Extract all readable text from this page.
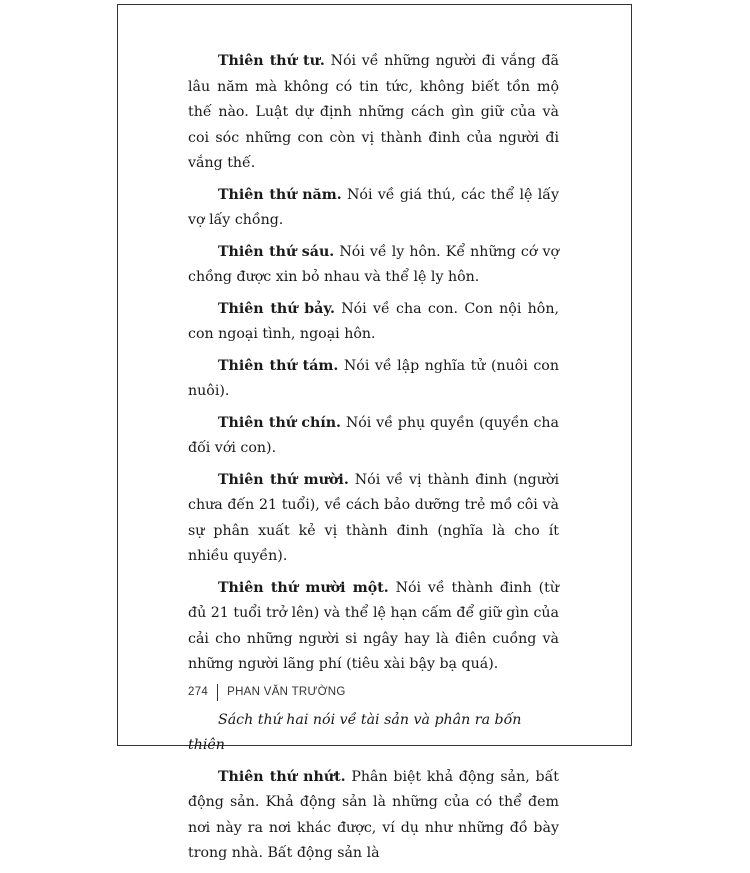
Thiên thứ tư. Nói về những người đi vắng đã lâu năm mà không có tin tức, không biết tồn mộ thế nào. Luật dự định những cách gìn giữ của và coi sóc những con còn vị thành đinh của người đi vắng thế.

Thiên thứ năm. Nói về giá thú, các thể lệ lấy vợ lấy chồng.

Thiên thứ sáu. Nói về ly hôn. Kể những cớ vợ chồng được xin bỏ nhau và thể lệ ly hôn.

Thiên thứ bảy. Nói về cha con. Con nội hôn, con ngoại tình, ngoại hôn.

Thiên thứ tám. Nói về lập nghĩa tử (nuôi con nuôi).

Thiên thứ chín. Nói về phụ quyền (quyền cha đối với con).

Thiên thứ mười. Nói về vị thành đinh (người chưa đến 21 tuổi), về cách bảo dưỡng trẻ mồ côi và sự phân xuất kẻ vị thành đinh (nghĩa là cho ít nhiều quyền).

Thiên thứ mười một. Nói về thành đinh (từ đủ 21 tuổi trở lên) và thể lệ hạn cấm để giữ gìn của cải cho những người si ngây hay là điên cuồng và những người lãng phí (tiêu xài bậy bạ quá).

Sách thứ hai nói về tài sản và phân ra bốn thiên

Thiên thứ nhứt. Phân biệt khả động sản, bất động sản. Khả động sản là những của có thể đem nơi này ra nơi khác được, ví dụ như những đồ bày trong nhà. Bất động sản là

274 PHAN VĂN TRƯỜNG
